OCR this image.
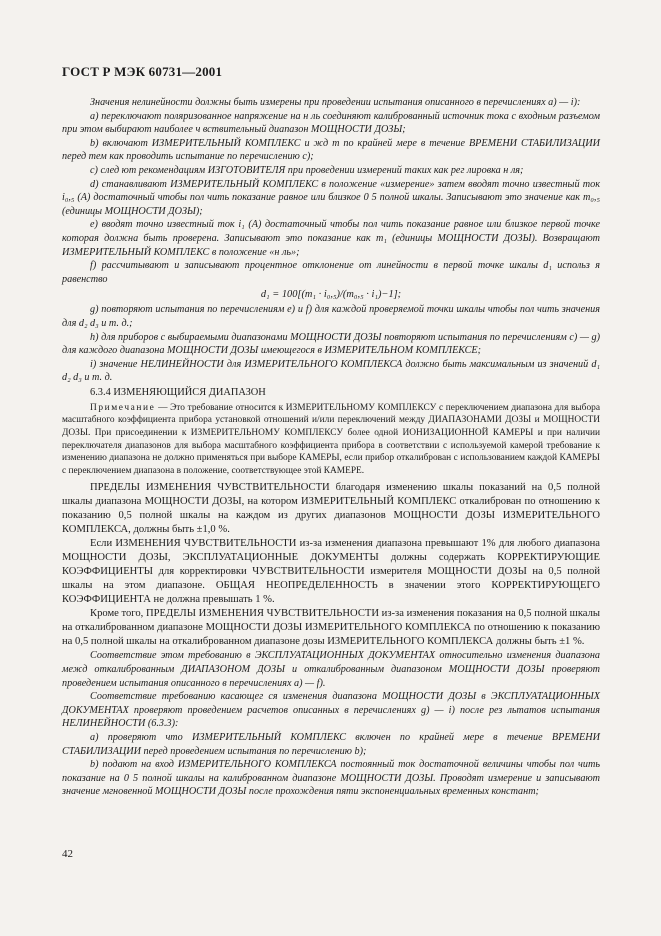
ГОСТ Р МЭК 60731—2001

Значения нелинейности должны быть измерены при проведении испытания описанного в перечислениях а) — i):

а) переключают поляризованное напряжение на н ль соединяют калиброванный источник тока с входным разъемом при этом выбирают наиболее ч вствительный диапазон МОЩНОСТИ ДОЗЫ;

b) включают ИЗМЕРИТЕЛЬНЫЙ КОМПЛЕКС и жд т по крайней мере в течение ВРЕМЕНИ СТАБИЛИЗАЦИИ перед тем как проводить испытание по перечислению с);

c) след ют рекомендациям ИЗГОТОВИТЕЛЯ при проведении измерений таких как рег лировка н ля;

d) станавливают ИЗМЕРИТЕЛЬНЫЙ КОМПЛЕКС в положение «измерение» затем вводят точно известный ток i₀,₅ (А) достаточный чтобы пол чить показание равное или близкое 0 5 полной шкалы. Записывают это значение как m₀,₅ (единицы МОЩНОСТИ ДОЗЫ);

е) вводят точно известный ток i₁ (А) достаточный чтобы пол чить показание равное или близкое первой точке которая должна быть проверена. Записывают это показание как m₁ (единицы МОЩНОСТИ ДОЗЫ). Возвращают ИЗМЕРИТЕЛЬНЫЙ КОМПЛЕКС в положение «н ль»;

f) рассчитывают и записывают процентное отклонение от линейности в первой точке шкалы d₁ использ я равенство

d₁ = 100[(m₁ · i₀,₅)/(m₀,₅ · i₁)−1];

g) повторяют испытания по перечислениям е) и f) для каждой проверяемой точки шкалы чтобы пол чить значения для d₂ d₃ и т. д.;

h) для приборов с выбираемыми диапазонами МОЩНОСТИ ДОЗЫ повторяют испытания по перечислениям с) — g) для каждого диапазона МОЩНОСТИ ДОЗЫ имеющегося в ИЗМЕРИТЕЛЬНОМ КОМПЛЕКСЕ;

i) значение НЕЛИНЕЙНОСТИ для ИЗМЕРИТЕЛЬНОГО КОМПЛЕКСА должно быть максимальным из значений d₁ d₂ d₃ и т. д.

6.3.4 ИЗМЕНЯЮЩИЙСЯ ДИАПАЗОН

Примечание — Это требование относится к ИЗМЕРИТЕЛЬНОМУ КОМПЛЕКСУ с переключением диапазона для выбора масштабного коэффициента прибора установкой отношений и/или переключений между ДИАПАЗОНАМИ ДОЗЫ и МОЩНОСТИ ДОЗЫ. При присоединении к ИЗМЕРИТЕЛЬНОМУ КОМПЛЕКСУ более одной ИОНИЗАЦИОННОЙ КАМЕРЫ и при наличии переключателя диапазонов для выбора масштабного коэффициента прибора в соответствии с используемой камерой требование к изменению диапазона не должно применяться при выборе КАМЕРЫ, если прибор откалиброван с использованием каждой КАМЕРЫ с переключением диапазона в положение, соответствующее этой КАМЕРЕ.

ПРЕДЕЛЫ ИЗМЕНЕНИЯ ЧУВСТВИТЕЛЬНОСТИ благодаря изменению шкалы показаний на 0,5 полной шкалы диапазона МОЩНОСТИ ДОЗЫ, на котором ИЗМЕРИТЕЛЬНЫЙ КОМПЛЕКС откалиброван по отношению к показанию 0,5 полной шкалы на каждом из других диапазонов МОЩНОСТИ ДОЗЫ ИЗМЕРИТЕЛЬНОГО КОМПЛЕКСА, должны быть ±1,0 %.

Если ИЗМЕНЕНИЯ ЧУВСТВИТЕЛЬНОСТИ из-за изменения диапазона превышают 1% для любого диапазона МОЩНОСТИ ДОЗЫ, ЭКСПЛУАТАЦИОННЫЕ ДОКУМЕНТЫ должны содержать КОРРЕКТИРУЮЩИЕ КОЭФФИЦИЕНТЫ для корректировки ЧУВСТВИТЕЛЬНОСТИ измерителя МОЩНОСТИ ДОЗЫ на 0,5 полной шкалы на этом диапазоне. ОБЩАЯ НЕОПРЕДЕЛЕННОСТЬ в значении этого КОРРЕКТИРУЮЩЕГО КОЭФФИЦИЕНТА не должна превышать 1 %.

Кроме того, ПРЕДЕЛЫ ИЗМЕНЕНИЯ ЧУВСТВИТЕЛЬНОСТИ из-за изменения показания на 0,5 полной шкалы на откалиброванном диапазоне МОЩНОСТИ ДОЗЫ ИЗМЕРИТЕЛЬНОГО КОМПЛЕКСА по отношению к показанию на 0,5 полной шкалы на откалиброванном диапазоне дозы ИЗМЕРИТЕЛЬНОГО КОМПЛЕКСА должны быть ±1 %.

Соответствие этом требованию в ЭКСПЛУАТАЦИОННЫХ ДОКУМЕНТАХ относительно изменения диапазона межд откалиброванным ДИАПАЗОНОМ ДОЗЫ и откалиброванным диапазоном МОЩНОСТИ ДОЗЫ проверяют проведением испытания описанного в перечислениях а) — f).

Соответствие требованию касающег ся изменения диапазона МОЩНОСТИ ДОЗЫ в ЭКСПЛУАТАЦИОННЫХ ДОКУМЕНТАХ проверяют проведением расчетов описанных в перечислениях g) — i) после рез льтатов испытания НЕЛИНЕЙНОСТИ (6.3.3):

а) проверяют что ИЗМЕРИТЕЛЬНЫЙ КОМПЛЕКС включен по крайней мере в течение ВРЕМЕНИ СТАБИЛИЗАЦИИ перед проведением испытания по перечислению b);

b) подают на вход ИЗМЕРИТЕЛЬНОГО КОМПЛЕКСА постоянный ток достаточной величины чтобы пол чить показание на 0 5 полной шкалы на калиброванном диапазоне МОЩНОСТИ ДОЗЫ. Проводят измерение и записывают значение мгновенной МОЩНОСТИ ДОЗЫ после прохождения пяти экспоненциальных временных констант;

42
